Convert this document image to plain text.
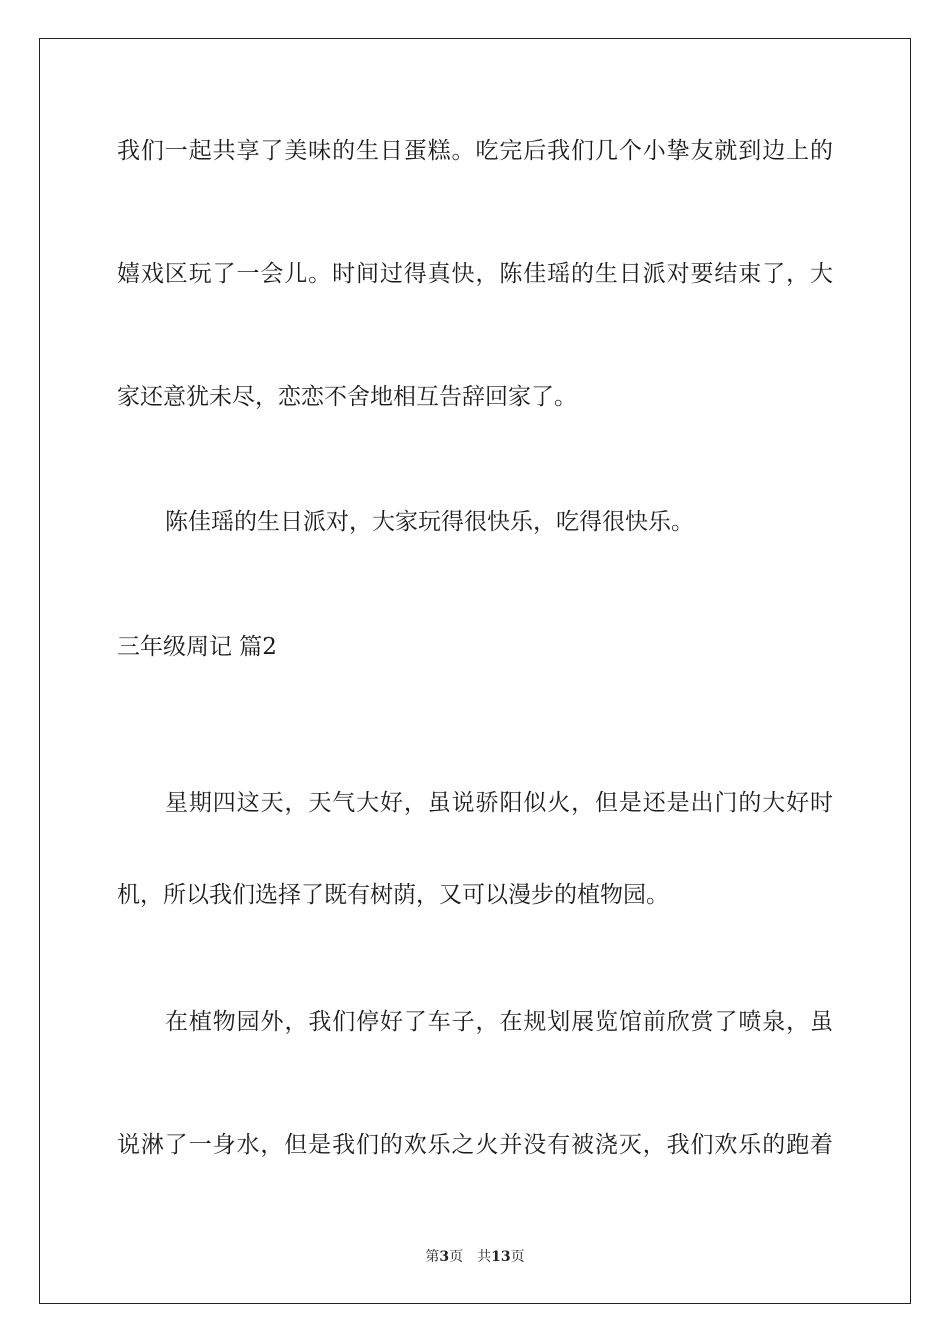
我们一起共享了美味的生日蛋糕。吃完后我们几个小挚友就到边上的
嬉戏区玩了一会儿。时间过得真快，陈佳瑶的生日派对要结束了，大
家还意犹未尽，恋恋不舍地相互告辞回家了。
陈佳瑶的生日派对，大家玩得很快乐，吃得很快乐。
三年级周记 篇2
星期四这天，天气大好，虽说骄阳似火，但是还是出门的大好时
机，所以我们选择了既有树荫，又可以漫步的植物园。
在植物园外，我们停好了车子，在规划展览馆前欣赏了喷泉，虽
说淋了一身水，但是我们的欢乐之火并没有被浇灭，我们欢乐的跑着
第3页 共13页
